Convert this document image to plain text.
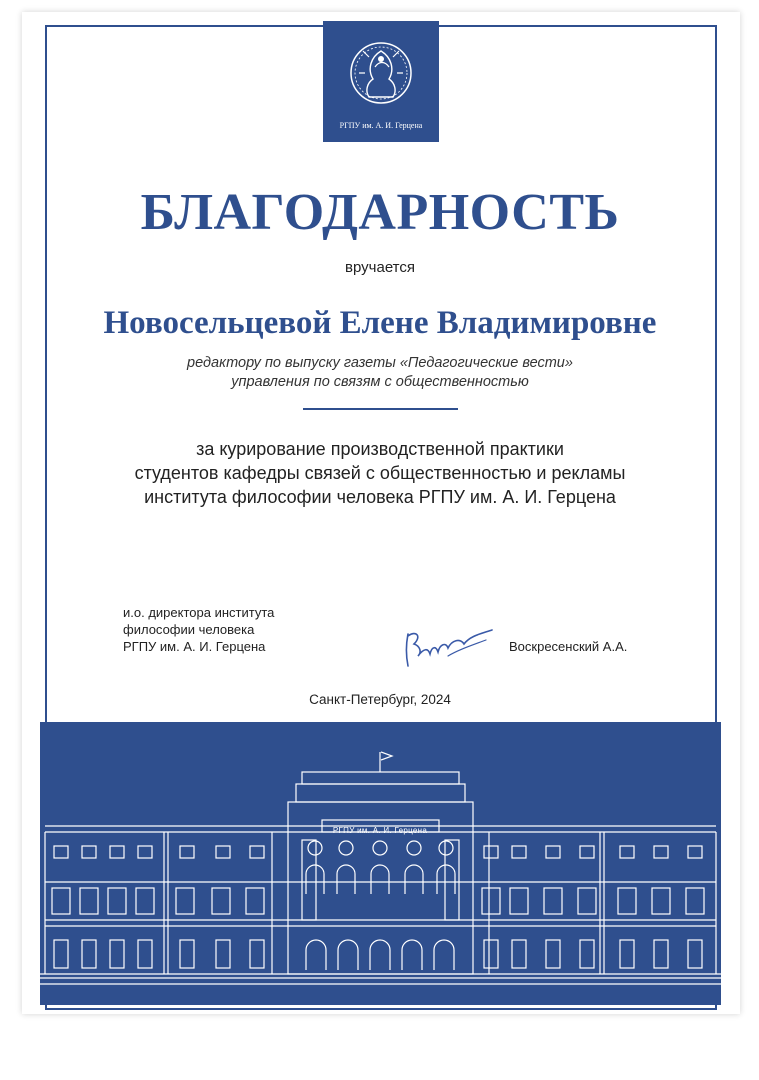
РГПУ им. А. И. Герцена
БЛАГОДАРНОСТЬ
вручается
Новосельцевой Елене Владимировне
редактору по выпуску газеты «Педагогические вести»
управления по связям с общественностью
за курирование производственной практики
студентов кафедры связей с общественностью и рекламы
института философии человека РГПУ им. А. И. Герцена
и.о. директора института
философии человека
РГПУ им. А. И. Герцена	Воскресенский А.А.
Санкт-Петербург, 2024
РГПУ им. А. И. Герцена
